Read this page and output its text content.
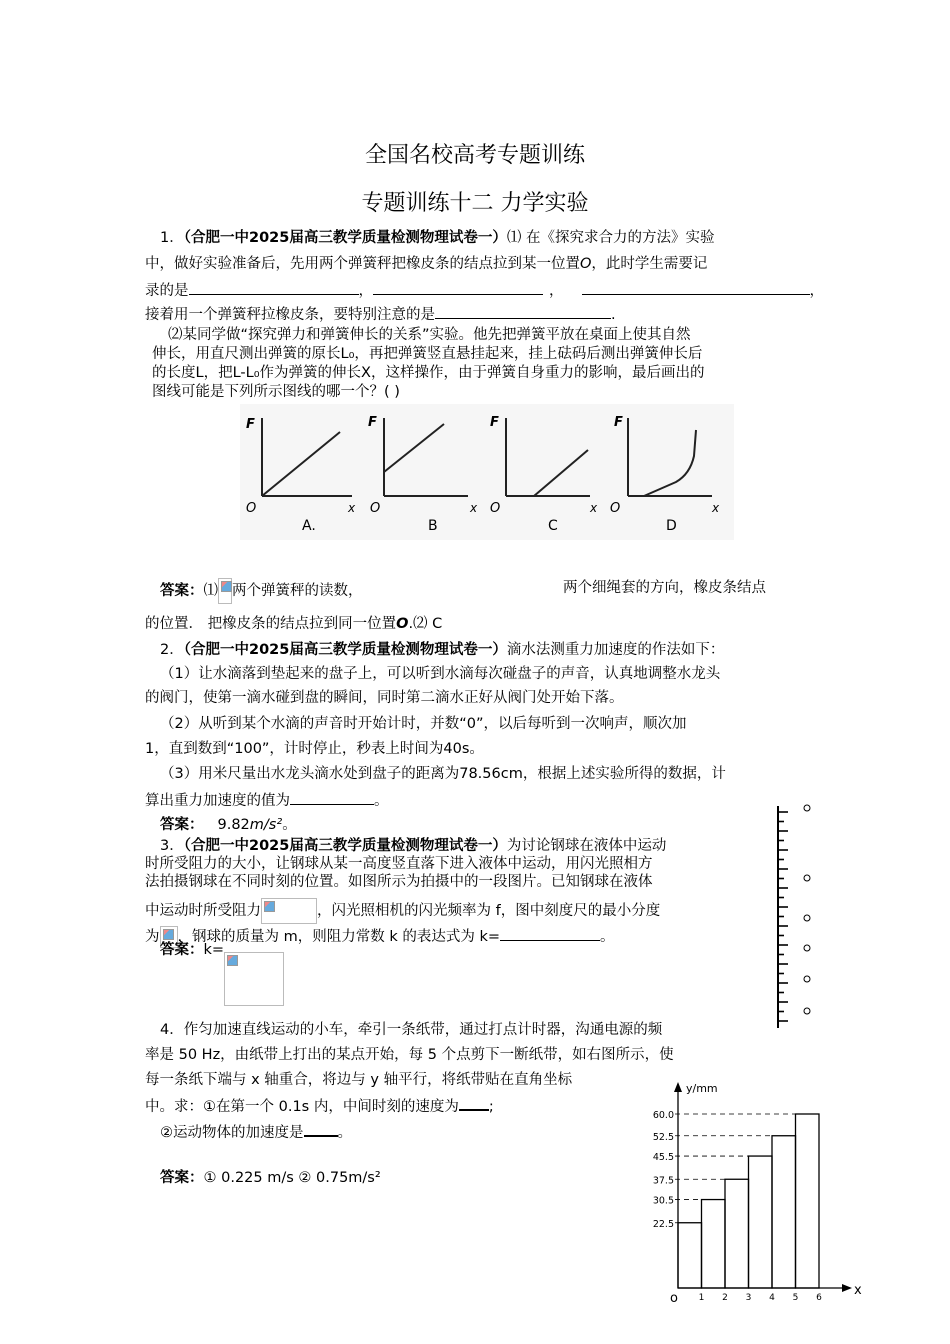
全国名校高考专题训练
专题训练十二 力学实验
1．（合肥一中2025届高三教学质量检测物理试卷一）⑴ 在《探究求合力的方法》实验
中，做好实验准备后，先用两个弹簧秤把橡皮条的结点拉到某一位置O，此时学生需要记
录的是	，	，	，
接着用一个弹簧秤拉橡皮条，要特别注意的是	.
⑵某同学做“探究弹力和弹簧伸长的关系”实验。他先把弹簧平放在桌面上使其自然
伸长，用直尺测出弹簧的原长L₀，再把弹簧竖直悬挂起来，挂上砝码后测出弹簧伸长后
的长度L，把L-L₀作为弹簧的伸长X，这样操作，由于弹簧自身重力的影响，最后画出的
图线可能是下列所示图线的哪一个？( )
F
O	x
A.
F
O	x
B
F
O	x
C
F
O	x
D
答案：⑴ 两个弹簧秤的读数，	两个细绳套的方向，橡皮条结点
的位置． 把橡皮条的结点拉到同一位置O.⑵ C
2．（合肥一中2025届高三教学质量检测物理试卷一）滴水法测重力加速度的作法如下：
（1）让水滴落到垫起来的盘子上，可以听到水滴每次碰盘子的声音，认真地调整水龙头
的阀门，使第一滴水碰到盘的瞬间，同时第二滴水正好从阀门处开始下落。
（2）从听到某个水滴的声音时开始计时，并数“0”，以后每听到一次响声，顺次加
1，直到数到“100”，计时停止，秒表上时间为40s。
（3）用米尺量出水龙头滴水处到盘子的距离为78.56cm，根据上述实验所得的数据，计
算出重力加速度的值为	。
答案： 9.82m/s²。
3．（合肥一中2025届高三教学质量检测物理试卷一）为讨论钢球在液体中运动
时所受阻力的大小，让钢球从某一高度竖直落下进入液体中运动，用闪光照相方
法拍摄钢球在不同时刻的位置。如图所示为拍摄中的一段图片。已知钢球在液体
中运动时所受阻力	，闪光照相机的闪光频率为 f，图中刻度尺的最小分度
为 ，钢球的质量为 m，则阻力常数 k 的表达式为 k=	。
答案：k=
4．作匀加速直线运动的小车，牵引一条纸带，通过打点计时器，沟通电源的频
率是 50 Hz，由纸带上打出的某点开始，每 5 个点剪下一断纸带，如右图所示，使
每一条纸下端与 x 轴重合，将边与 y 轴平行，将纸带贴在直角坐标
中。求：①在第一个 0.1s 内，中间时刻的速度为 ;
②运动物体的加速度是 。
答案：① 0.225 m/s ② 0.75m/s²
y/mm
x
o
22.5
30.5
37.5
45.5
52.5
60.0
1 2 3 4 5 6
